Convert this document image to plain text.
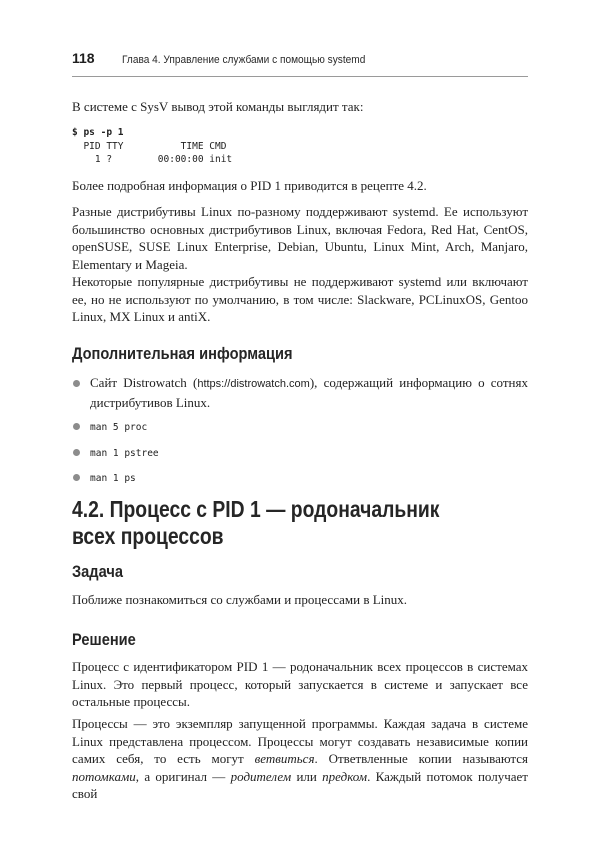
118	Глава 4. Управление службами с помощью systemd

В системе с SysV вывод этой команды выглядит так:

$ ps -p 1
PID TTY          TIME CMD
1 ?        00:00:00 init

Более подробная информация о PID 1 приводится в рецепте 4.2.

Разные дистрибутивы Linux по-разному поддерживают systemd. Ее используют большинство основных дистрибутивов Linux, включая Fedora, Red Hat, CentOS, openSUSE, SUSE Linux Enterprise, Debian, Ubuntu, Linux Mint, Arch, Manjaro, Elementary и Mageia.

Некоторые популярные дистрибутивы не поддерживают systemd или включают ее, но не используют по умолчанию, в том числе: Slackware, PCLinuxOS, Gentoo Linux, MX Linux и antiX.

Дополнительная информация
Сайт Distrowatch (https://distrowatch.com), содержащий информацию о сотнях дистрибутивов Linux.
man 5 proc
man 1 pstree
man 1 ps
4.2. Процесс с PID 1 — родоначальник
всех процессов
Задача

Поближе познакомиться со службами и процессами в Linux.

Решение

Процесс с идентификатором PID 1 — родоначальник всех процессов в системах Linux. Это первый процесс, который запускается в системе и запускает все остальные процессы.

Процессы — это экземпляр запущенной программы. Каждая задача в системе Linux представлена процессом. Процессы могут создавать независимые копии самих себя, то есть могут ветвиться. Ответвленные копии называются потомками, а оригинал — родителем или предком. Каждый потомок получает свой
